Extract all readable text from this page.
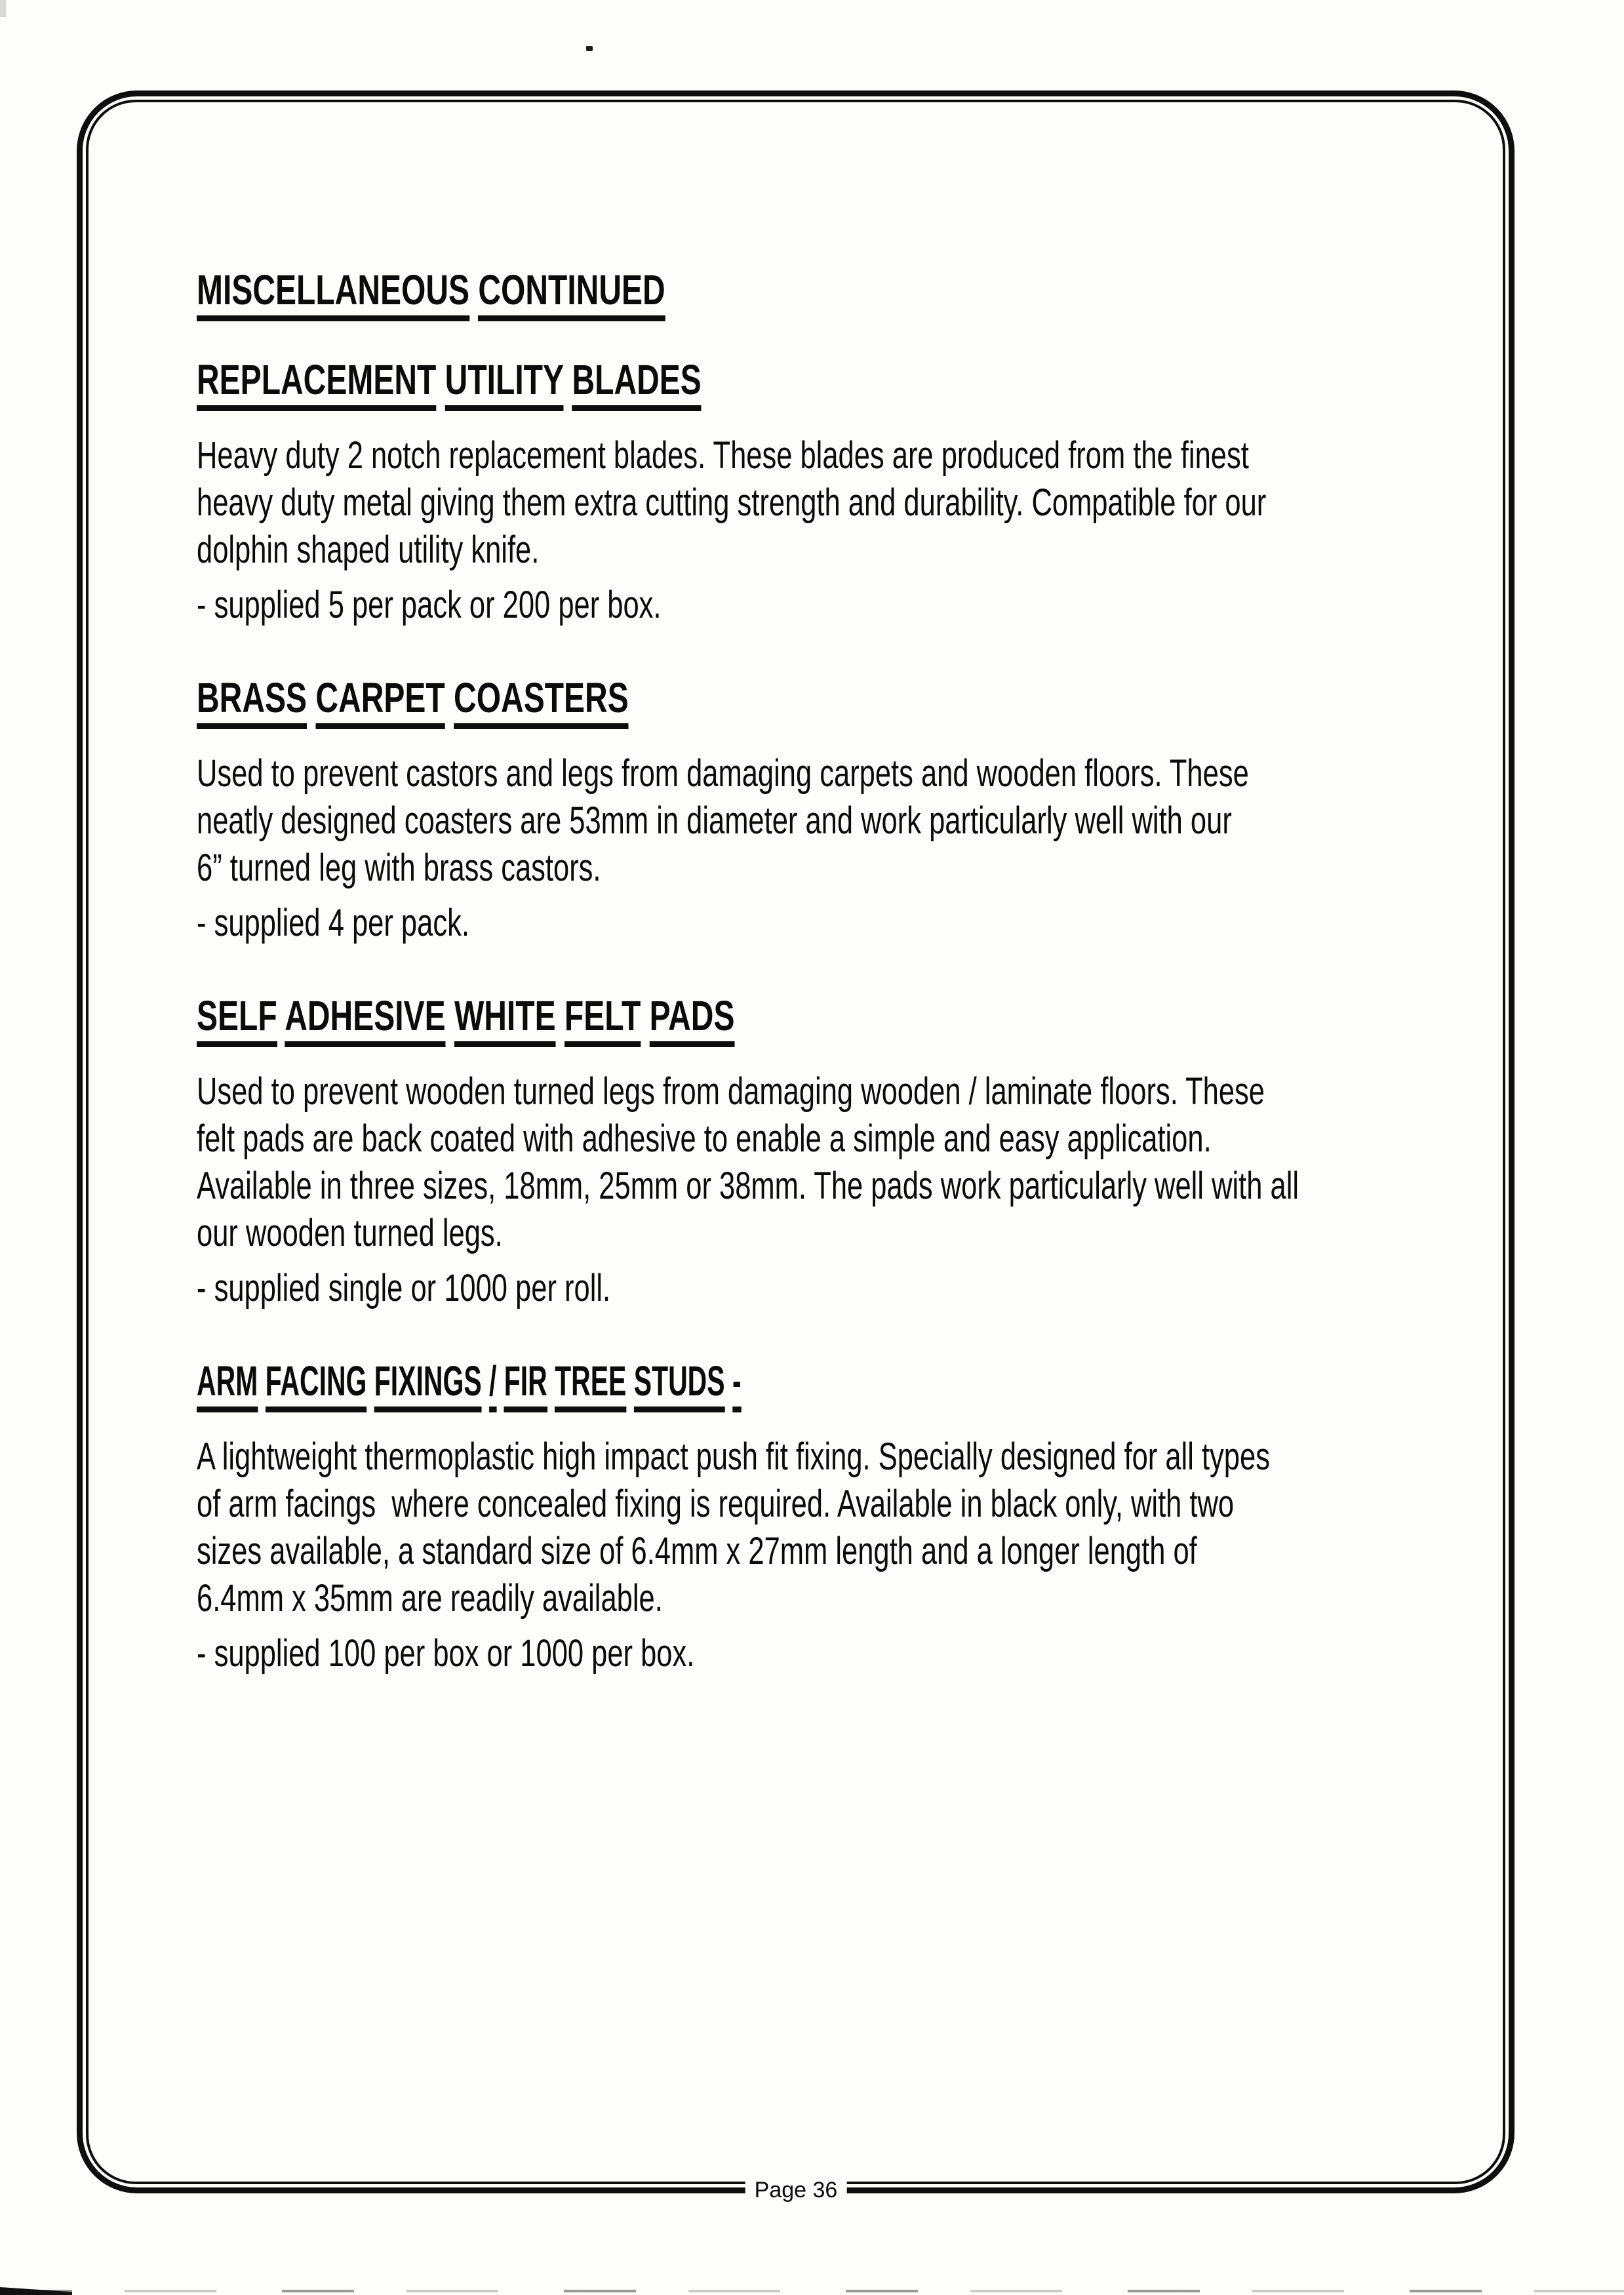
MISCELLANEOUS CONTINUED
REPLACEMENT UTILITY BLADES
Heavy duty 2 notch replacement blades. These blades are produced from the finest
heavy duty metal giving them extra cutting strength and durability. Compatible for our
dolphin shaped utility knife.
- supplied 5 per pack or 200 per box.
BRASS CARPET COASTERS
Used to prevent castors and legs from damaging carpets and wooden floors. These
neatly designed coasters are 53mm in diameter and work particularly well with our
6” turned leg with brass castors.
- supplied 4 per pack.
SELF ADHESIVE WHITE FELT PADS
Used to prevent wooden turned legs from damaging wooden / laminate floors. These
felt pads are back coated with adhesive to enable a simple and easy application.
Available in three sizes, 18mm, 25mm or 38mm. The pads work particularly well with all
our wooden turned legs.
- supplied single or 1000 per roll.
ARM FACING FIXINGS / FIR TREE STUDS -
A lightweight thermoplastic high impact push fit fixing. Specially designed for all types
of arm facings  where concealed fixing is required. Available in black only, with two
sizes available, a standard size of 6.4mm x 27mm length and a longer length of
6.4mm x 35mm are readily available.
- supplied 100 per box or 1000 per box.
Page 36
